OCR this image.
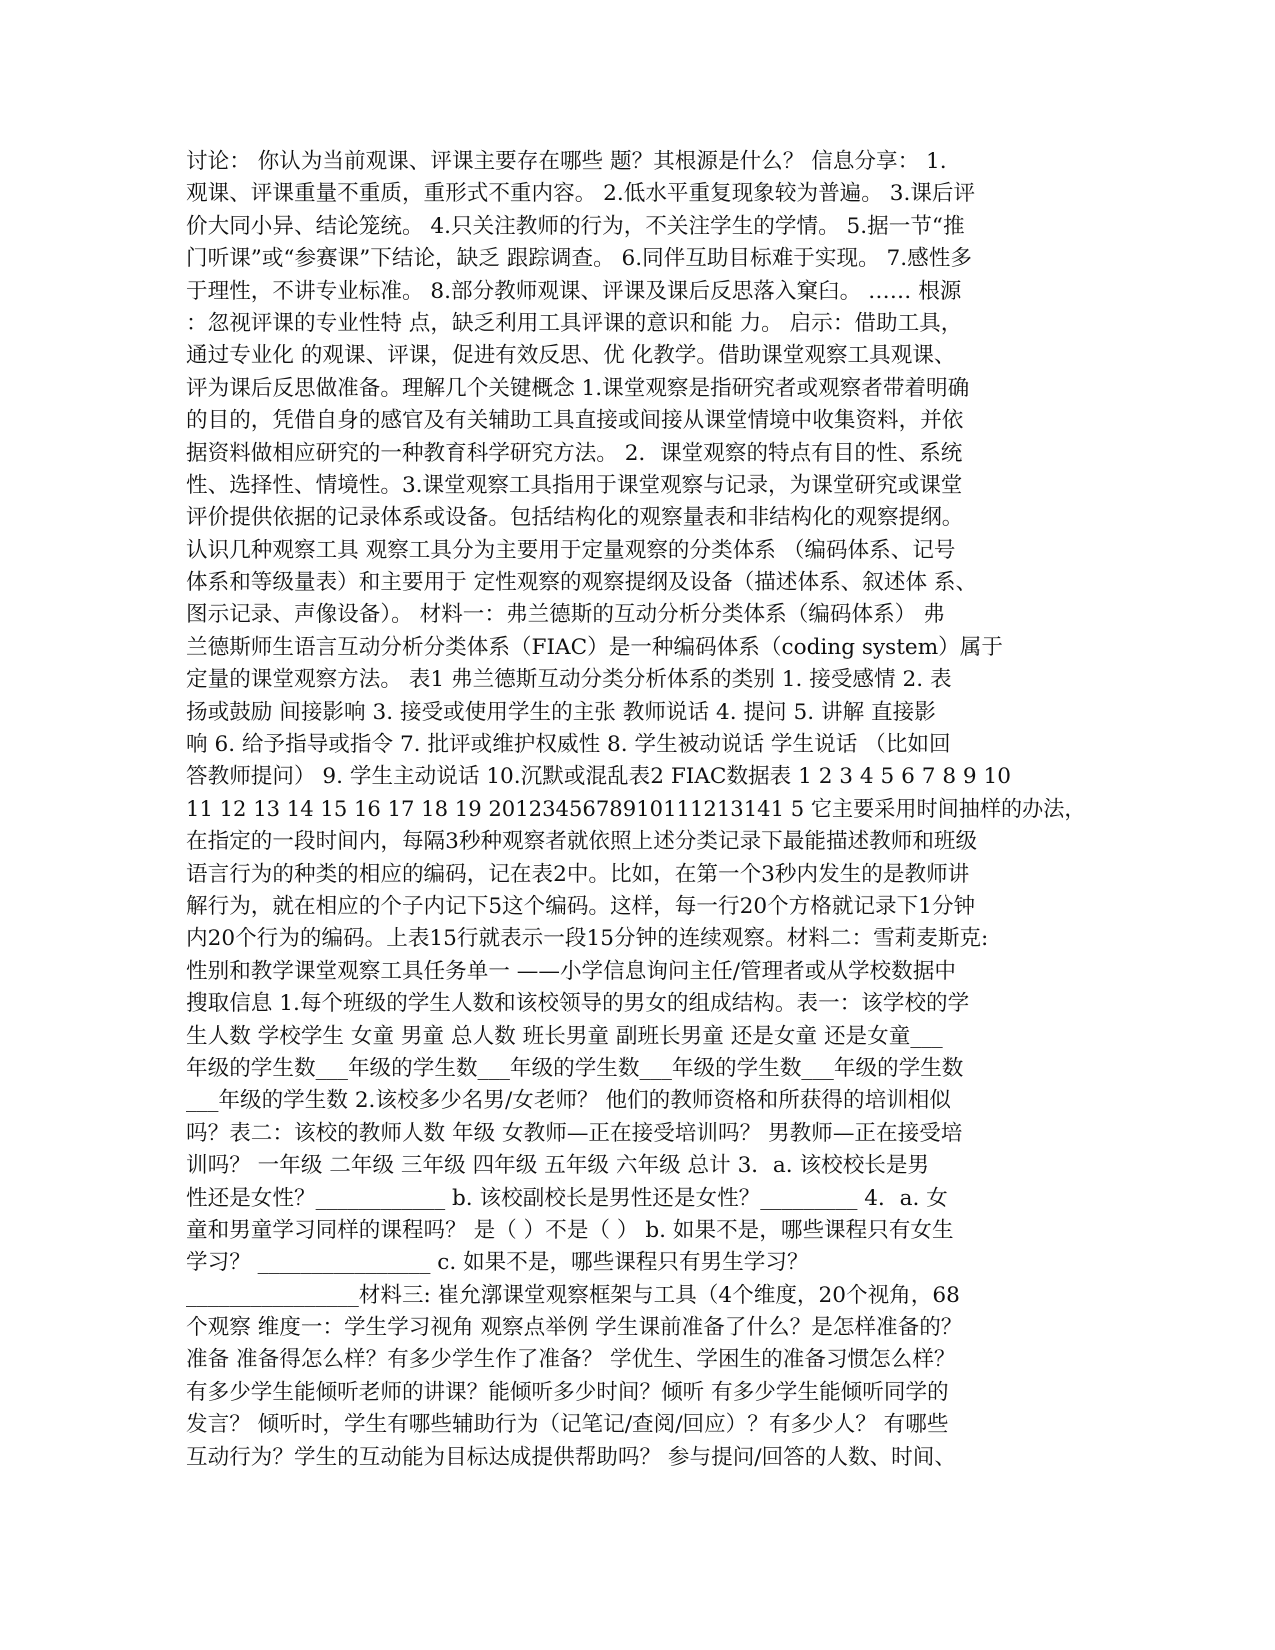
讨论： 你认为当前观课、评课主要存在哪些 题？其根源是什么？ 信息分享： 1.
观课、评课重量不重质，重形式不重内容。 2.低水平重复现象较为普遍。 3.课后评
价大同小异、结论笼统。 4.只关注教师的行为，不关注学生的学情。 5.据一节“推
门听课”或“参赛课”下结论，缺乏 跟踪调查。 6.同伴互助目标难于实现。 7.感性多
于理性，不讲专业标准。 8.部分教师观课、评课及课后反思落入窠臼。 …… 根源
：忽视评课的专业性特 点，缺乏利用工具评课的意识和能 力。 启示：借助工具，
通过专业化 的观课、评课，促进有效反思、优 化教学。借助课堂观察工具观课、
评为课后反思做准备。理解几个关键概念 1.课堂观察是指研究者或观察者带着明确
的目的，凭借自身的感官及有关辅助工具直接或间接从课堂情境中收集资料，并依
据资料做相应研究的一种教育科学研究方法。 2．课堂观察的特点有目的性、系统
性、选择性、情境性。3.课堂观察工具指用于课堂观察与记录，为课堂研究或课堂
评价提供依据的记录体系或设备。包括结构化的观察量表和非结构化的观察提纲。
认识几种观察工具 观察工具分为主要用于定量观察的分类体系 （编码体系、记号
体系和等级量表）和主要用于 定性观察的观察提纲及设备（描述体系、叙述体 系、
图示记录、声像设备）。 材料一：弗兰德斯的互动分析分类体系（编码体系） 弗
兰德斯师生语言互动分析分类体系（FIAC）是一种编码体系（coding system）属于
定量的课堂观察方法。 表1 弗兰德斯互动分类分析体系的类别 1. 接受感情 2. 表
扬或鼓励 间接影响 3. 接受或使用学生的主张 教师说话 4. 提问 5. 讲解 直接影
响 6. 给予指导或指令 7. 批评或维护权威性 8. 学生被动说话 学生说话 （比如回
答教师提问） 9. 学生主动说话 10.沉默或混乱表2 FIAC数据表 1 2 3 4 5 6 7 8 9 10
11 12 13 14 15 16 17 18 19 2012345678910111213141 5 它主要采用时间抽样的办法，
在指定的一段时间内，每隔3秒种观察者就依照上述分类记录下最能描述教师和班级
语言行为的种类的相应的编码，记在表2中。比如，在第一个3秒内发生的是教师讲
解行为，就在相应的个子内记下5这个编码。这样，每一行20个方格就记录下1分钟
内20个行为的编码。上表15行就表示一段15分钟的连续观察。材料二：雪莉麦斯克:
性别和教学课堂观察工具任务单一 ——小学信息询问主任/管理者或从学校数据中
搜取信息 1.每个班级的学生人数和该校领导的男女的组成结构。表一：该学校的学
生人数 学校学生 女童 男童 总人数 班长男童 副班长男童 还是女童 还是女童___
年级的学生数___年级的学生数___年级的学生数___年级的学生数___年级的学生数
___年级的学生数 2.该校多少名男/女老师？ 他们的教师资格和所获得的培训相似
吗？表二：该校的教师人数 年级 女教师—正在接受培训吗？ 男教师—正在接受培
训吗？ 一年级 二年级 三年级 四年级 五年级 六年级 总计 3．a. 该校校长是男
性还是女性？____________ b. 该校副校长是男性还是女性？_________ 4．a. 女
童和男童学习同样的课程吗？ 是（ ）不是（ ） b. 如果不是，哪些课程只有女生
学习？ ________________ c. 如果不是，哪些课程只有男生学习？
________________材料三: 崔允漷课堂观察框架与工具（4个维度，20个视角，68
个观察 维度一：学生学习视角 观察点举例 学生课前准备了什么？是怎样准备的？
准备 准备得怎么样？有多少学生作了准备？ 学优生、学困生的准备习惯怎么样？
有多少学生能倾听老师的讲课？能倾听多少时间？倾听 有多少学生能倾听同学的
发言？ 倾听时，学生有哪些辅助行为（记笔记/查阅/回应）？有多少人？ 有哪些
互动行为？学生的互动能为目标达成提供帮助吗？ 参与提问/回答的人数、时间、
